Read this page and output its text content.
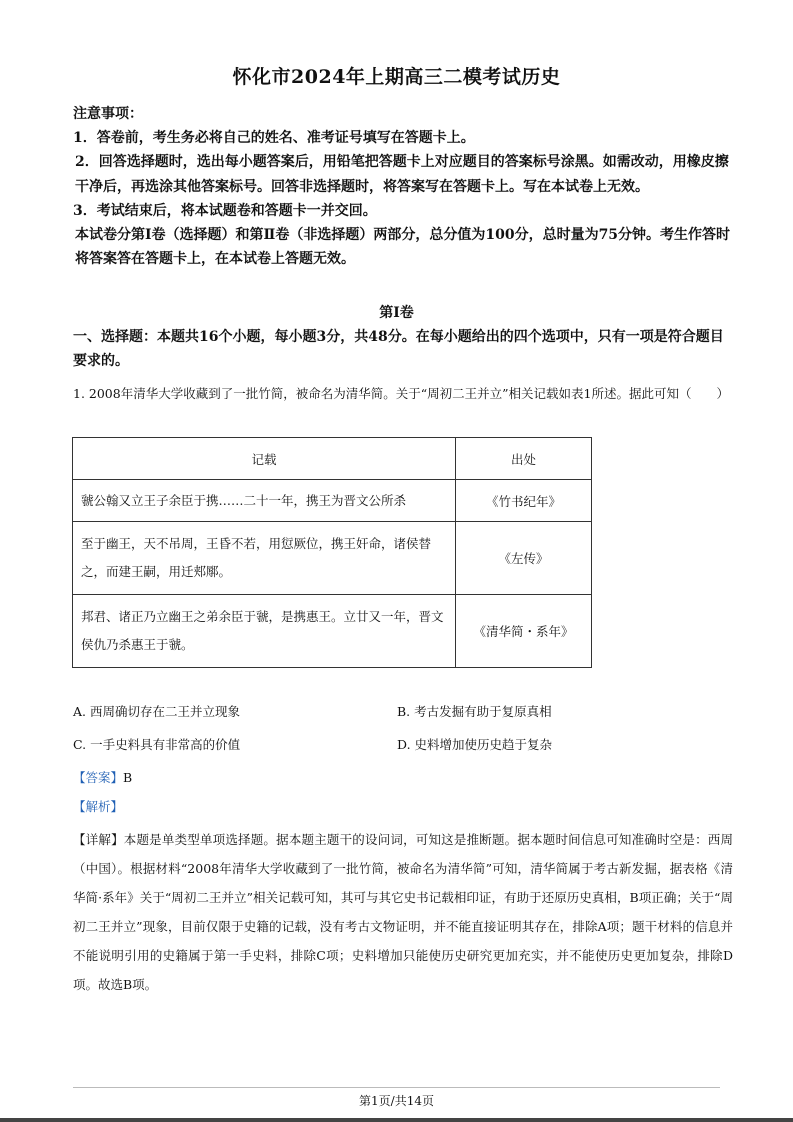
怀化市2024年上期高三二模考试历史

注意事项：

1．答卷前，考生务必将自己的姓名、准考证号填写在答题卡上。

2．回答选择题时，选出每小题答案后，用铅笔把答题卡上对应题目的答案标号涂黑。如需改动，用橡皮擦干净后，再选涂其他答案标号。回答非选择题时，将答案写在答题卡上。写在本试卷上无效。

3．考试结束后，将本试题卷和答题卡一并交回。

本试卷分第Ⅰ卷（选择题）和第Ⅱ卷（非选择题）两部分，总分值为100分，总时量为75分钟。考生作答时将答案答在答题卡上，在本试卷上答题无效。

第Ⅰ卷
一、选择题：本题共16个小题，每小题3分，共48分。在每小题给出的四个选项中，只有一项是符合题目要求的。
1. 2008年清华大学收藏到了一批竹简，被命名为清华简。关于“周初二王并立”相关记载如表1所述。据此可知（　　）
记载	出处
虢公翰又立王子余臣于携……二十一年，携王为晋文公所杀	《竹书纪年》
至于幽王，天不吊周，王昏不若，用愆厥位，携王奸命，诸侯替之，而建王嗣，用迁郏鄏。	《左传》
邦君、诸正乃立幽王之弟余臣于虢，是携惠王。立廿又一年，晋文侯仇乃杀惠王于虢。	《清华简・系年》
A. 西周确切存在二王并立现象	B. 考古发掘有助于复原真相
C. 一手史料具有非常高的价值	D. 史料增加使历史趋于复杂
【答案】B
【解析】
【详解】本题是单类型单项选择题。据本题主题干的设问词，可知这是推断题。据本题时间信息可知准确时空是：西周（中国）。根据材料“2008年清华大学收藏到了一批竹简，被命名为清华简”可知，清华简属于考古新发掘，据表格《清华简·系年》关于“周初二王并立”相关记载可知，其可与其它史书记载相印证，有助于还原历史真相，B项正确；关于“周初二王并立”现象，目前仅限于史籍的记载，没有考古文物证明，并不能直接证明其存在，排除A项；题干材料的信息并不能说明引用的史籍属于第一手史料，排除C项；史料增加只能使历史研究更加充实，并不能使历史更加复杂，排除D项。故选B项。
第1页/共14页
